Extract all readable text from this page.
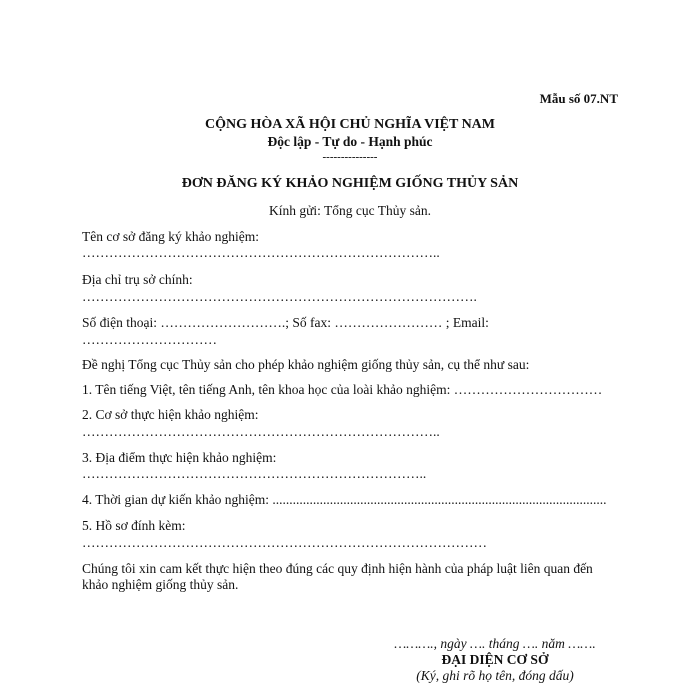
Mẫu số 07.NT
CỘNG HÒA XÃ HỘI CHỦ NGHĨA VIỆT NAM
Độc lập - Tự do - Hạnh phúc
---------------
ĐƠN ĐĂNG KÝ KHẢO NGHIỆM GIỐNG THỦY SẢN
Kính gửi: Tổng cục Thủy sản.
Tên cơ sở đăng ký khảo nghiệm:
……………………………………………………………………..
Địa chỉ trụ sở chính:
…………………………………………………………………………….
Số điện thoại: ……………………….; Số fax: …………………… ; Email:
…………………………
Đề nghị Tổng cục Thủy sản cho phép khảo nghiệm giống thủy sản, cụ thể như sau:
1. Tên tiếng Việt, tên tiếng Anh, tên khoa học của loài khảo nghiệm: ……………………………
2. Cơ sở thực hiện khảo nghiệm:
……………………………………………………………………..
3. Địa điểm thực hiện khảo nghiệm:
…………………………………………………………………..
4. Thời gian dự kiến khảo nghiệm: ...................................................................................................
5. Hồ sơ đính kèm:
………………………………………………………………………………
Chúng tôi xin cam kết thực hiện theo đúng các quy định hiện hành của pháp luật liên quan đến
khảo nghiệm giống thủy sản.
………., ngày …. tháng …. năm …….
ĐẠI DIỆN CƠ SỞ
(Ký, ghi rõ họ tên, đóng dấu)
